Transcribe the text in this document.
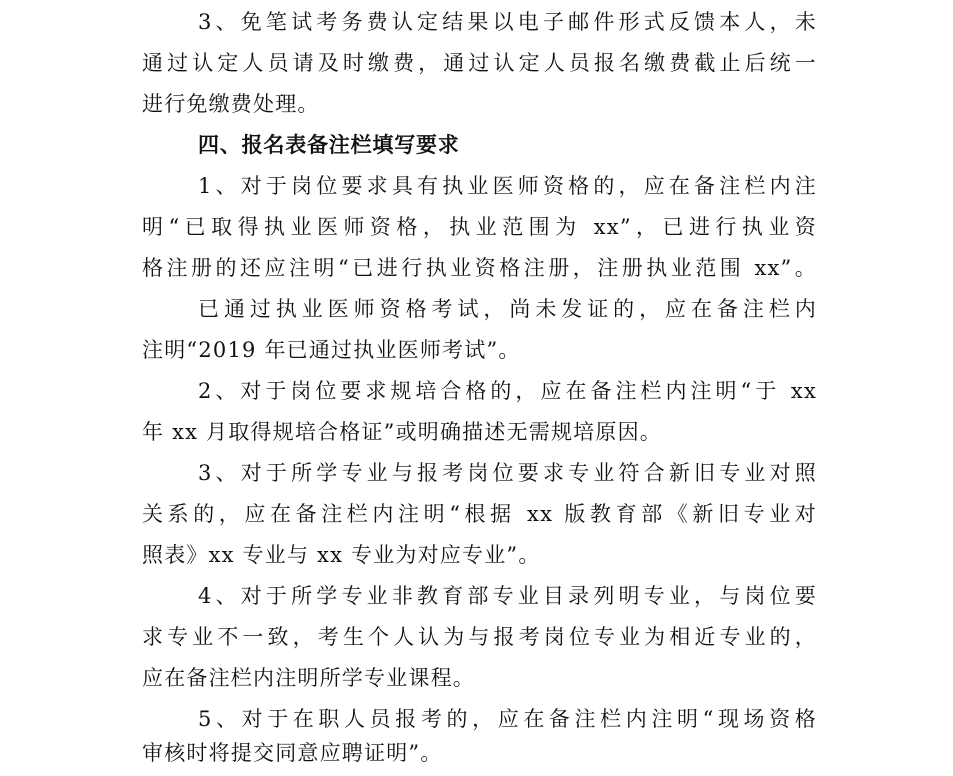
3、免笔试考务费认定结果以电子邮件形式反馈本人，未
通过认定人员请及时缴费，通过认定人员报名缴费截止后统一
进行免缴费处理。
四、报名表备注栏填写要求
1、对于岗位要求具有执业医师资格的，应在备注栏内注
明“已取得执业医师资格，执业范围为 xx”，已进行执业资
格注册的还应注明“已进行执业资格注册，注册执业范围 xx”。
已通过执业医师资格考试，尚未发证的，应在备注栏内
注明“2019 年已通过执业医师考试”。
2、对于岗位要求规培合格的，应在备注栏内注明“于 xx
年 xx 月取得规培合格证”或明确描述无需规培原因。
3、对于所学专业与报考岗位要求专业符合新旧专业对照
关系的，应在备注栏内注明“根据 xx 版教育部《新旧专业对
照表》xx 专业与 xx 专业为对应专业”。
4、对于所学专业非教育部专业目录列明专业，与岗位要
求专业不一致，考生个人认为与报考岗位专业为相近专业的，
应在备注栏内注明所学专业课程。
5、对于在职人员报考的，应在备注栏内注明“现场资格
审核时将提交同意应聘证明”。
